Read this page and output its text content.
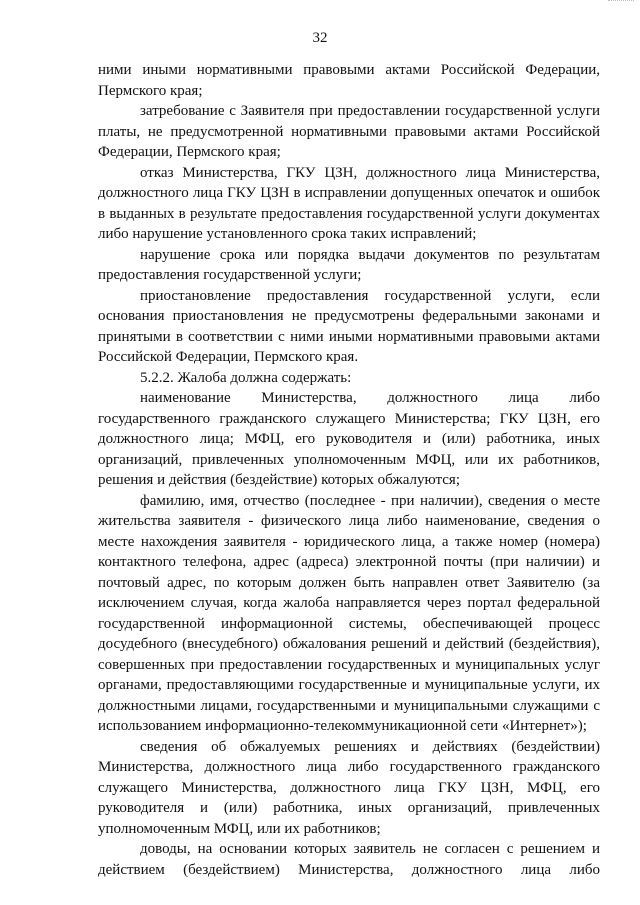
32

ними иными нормативными правовыми актами Российской Федерации, Пермского края;

затребование с Заявителя при предоставлении государственной услуги платы, не предусмотренной нормативными правовыми актами Российской Федерации, Пермского края;

отказ Министерства, ГКУ ЦЗН, должностного лица Министерства, должностного лица ГКУ ЦЗН в исправлении допущенных опечаток и ошибок в выданных в результате предоставления государственной услуги документах либо нарушение установленного срока таких исправлений;

нарушение срока или порядка выдачи документов по результатам предоставления государственной услуги;

приостановление предоставления государственной услуги, если основания приостановления не предусмотрены федеральными законами и принятыми в соответствии с ними иными нормативными правовыми актами Российской Федерации, Пермского края.

5.2.2. Жалоба должна содержать:

наименование Министерства, должностного лица либо государственного гражданского служащего Министерства; ГКУ ЦЗН, его должностного лица; МФЦ, его руководителя и (или) работника, иных организаций, привлеченных уполномоченным МФЦ, или их работников, решения и действия (бездействие) которых обжалуются;

фамилию, имя, отчество (последнее - при наличии), сведения о месте жительства заявителя - физического лица либо наименование, сведения о месте нахождения заявителя - юридического лица, а также номер (номера) контактного телефона, адрес (адреса) электронной почты (при наличии) и почтовый адрес, по которым должен быть направлен ответ Заявителю (за исключением случая, когда жалоба направляется через портал федеральной государственной информационной системы, обеспечивающей процесс досудебного (внесудебного) обжалования решений и действий (бездействия), совершенных при предоставлении государственных и муниципальных услуг органами, предоставляющими государственные и муниципальные услуги, их должностными лицами, государственными и муниципальными служащими с использованием информационно-телекоммуникационной сети «Интернет»);

сведения об обжалуемых решениях и действиях (бездействии) Министерства, должностного лица либо государственного гражданского служащего Министерства, должностного лица ГКУ ЦЗН, МФЦ, его руководителя и (или) работника, иных организаций, привлеченных уполномоченным МФЦ, или их работников;

доводы, на основании которых заявитель не согласен с решением и действием (бездействием) Министерства, должностного лица либо
